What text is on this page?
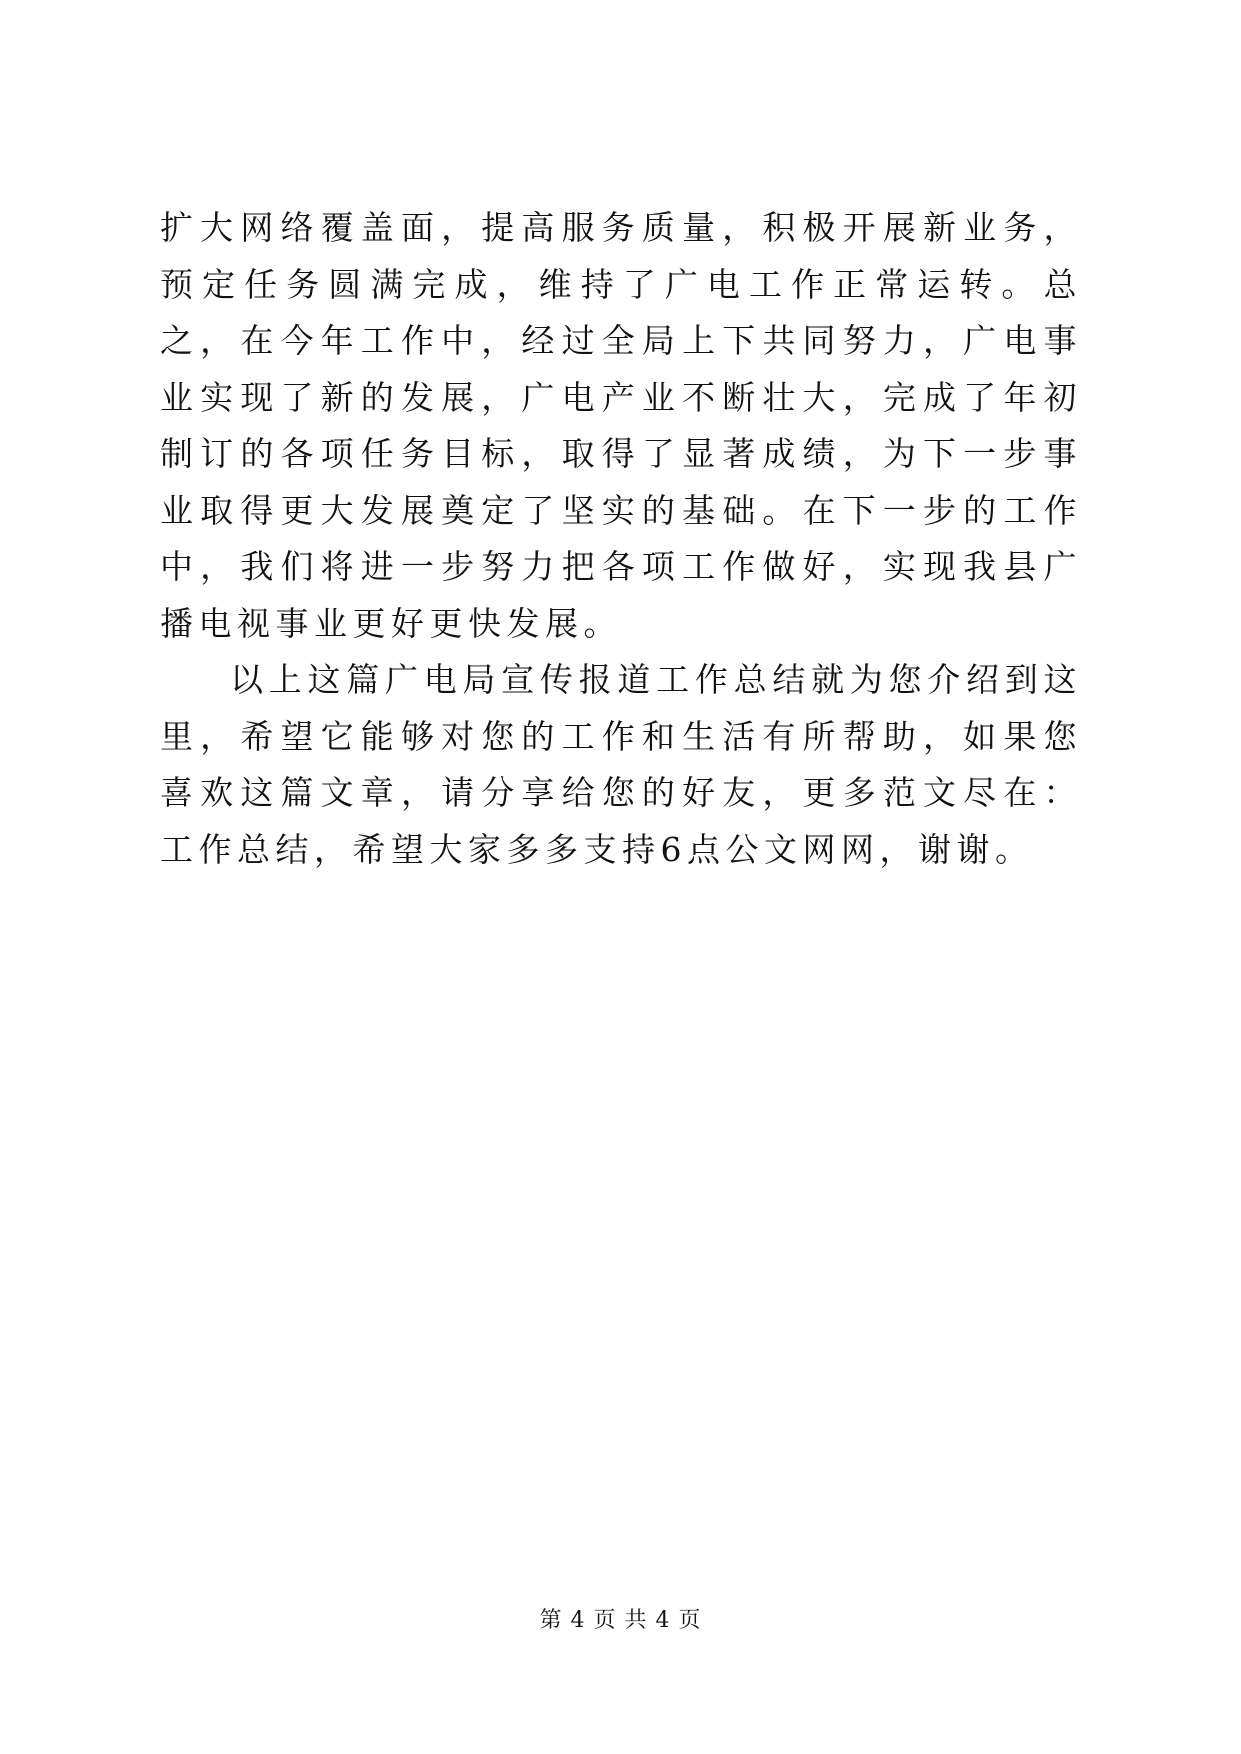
扩大网络覆盖面，提高服务质量，积极开展新业务，预定任务圆满完成，维持了广电工作正常运转。总之，在今年工作中，经过全局上下共同努力，广电事业实现了新的发展，广电产业不断壮大，完成了年初制订的各项任务目标，取得了显著成绩，为下一步事业取得更大发展奠定了坚实的基础。在下一步的工作中，我们将进一步努力把各项工作做好，实现我县广播电视事业更好更快发展。

以上这篇广电局宣传报道工作总结就为您介绍到这里，希望它能够对您的工作和生活有所帮助，如果您喜欢这篇文章，请分享给您的好友，更多范文尽在：工作总结，希望大家多多支持6点公文网网，谢谢。

第 4 页 共 4 页
